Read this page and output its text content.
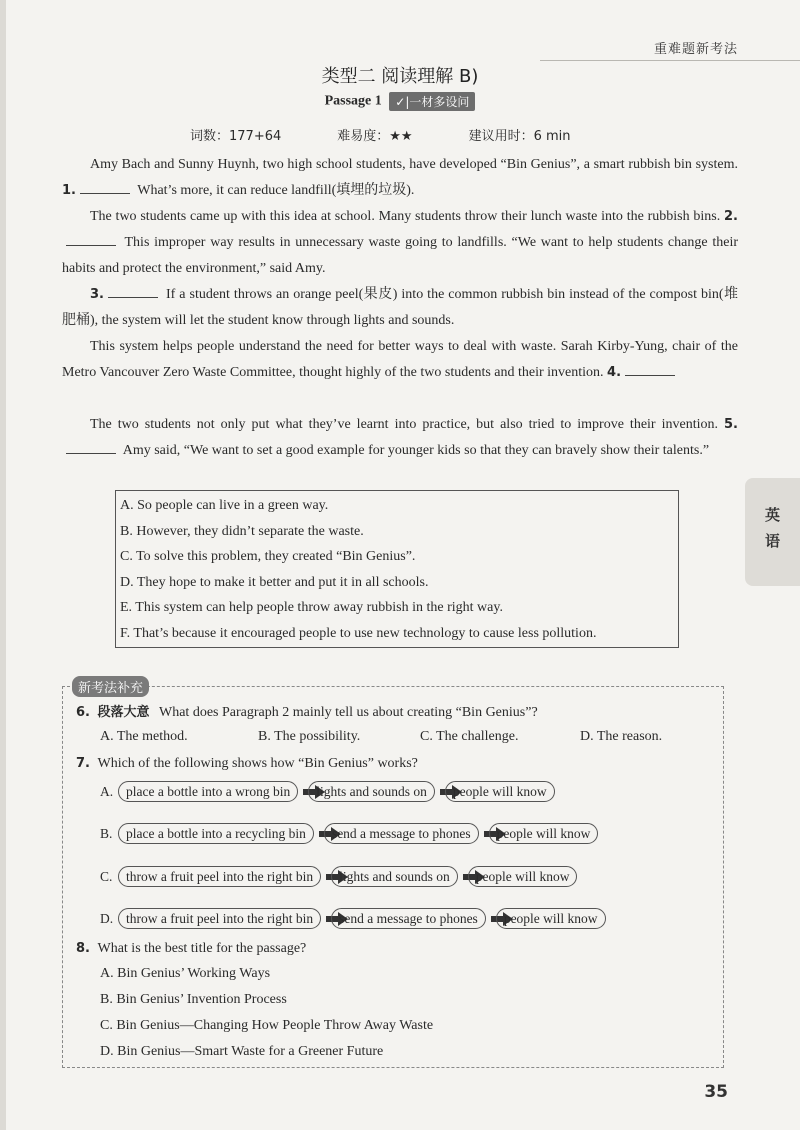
重难题新考法
类型二 阅读理解 B)
Passage 1 ✓|一材多设问
词数：177+64	难易度：★★	建议用时：6 min
Amy Bach and Sunny Huynh, two high school students, have developed “Bin Genius”, a smart rubbish bin system. 1.	What’s more, it can reduce landfill(填埋的垃圾).
The two students came up with this idea at school. Many students throw their lunch waste into the rubbish bins. 2. This improper way results in unnecessary waste going to landfills. “We want to help students change their habits and protect the environment,” said Amy.
3.	If a student throws an orange peel(果皮) into the common rubbish bin instead of the compost bin(堆肥桶), the system will let the student know through lights and sounds.
This system helps people understand the need for better ways to deal with waste. Sarah Kirby-Yung, chair of the Metro Vancouver Zero Waste Committee, thought highly of the two students and their invention. 4.
The two students not only put what they’ve learnt into practice, but also tried to improve their invention. 5. Amy said, “We want to set a good example for younger kids so that they can bravely show their talents.”
A. So people can live in a green way.
B. However, they didn’t separate the waste.
C. To solve this problem, they created “Bin Genius”.
D. They hope to make it better and put it in all schools.
E. This system can help people throw away rubbish in the right way.
F. That’s because it encouraged people to use new technology to cause less pollution.
英
语
新考法补充
6. 段落大意 What does Paragraph 2 mainly tell us about creating “Bin Genius”?
A. The method.	B. The possibility.	C. The challenge.	D. The reason.
7. Which of the following shows how “Bin Genius” works?
A. place a bottle into a wrong bin	lights and sounds on	people will know
B.	place a bottle into a recycling bin	send a message to phones	people will know
C.	throw a fruit peel into the right bin	lights and sounds on	people will know
D. throw a fruit peel into the right bin	send a message to phones	people will know
8. What is the best title for the passage?
A. Bin Genius’ Working Ways
B. Bin Genius’ Invention Process
C. Bin Genius—Changing How People Throw Away Waste
D. Bin Genius—Smart Waste for a Greener Future
35
